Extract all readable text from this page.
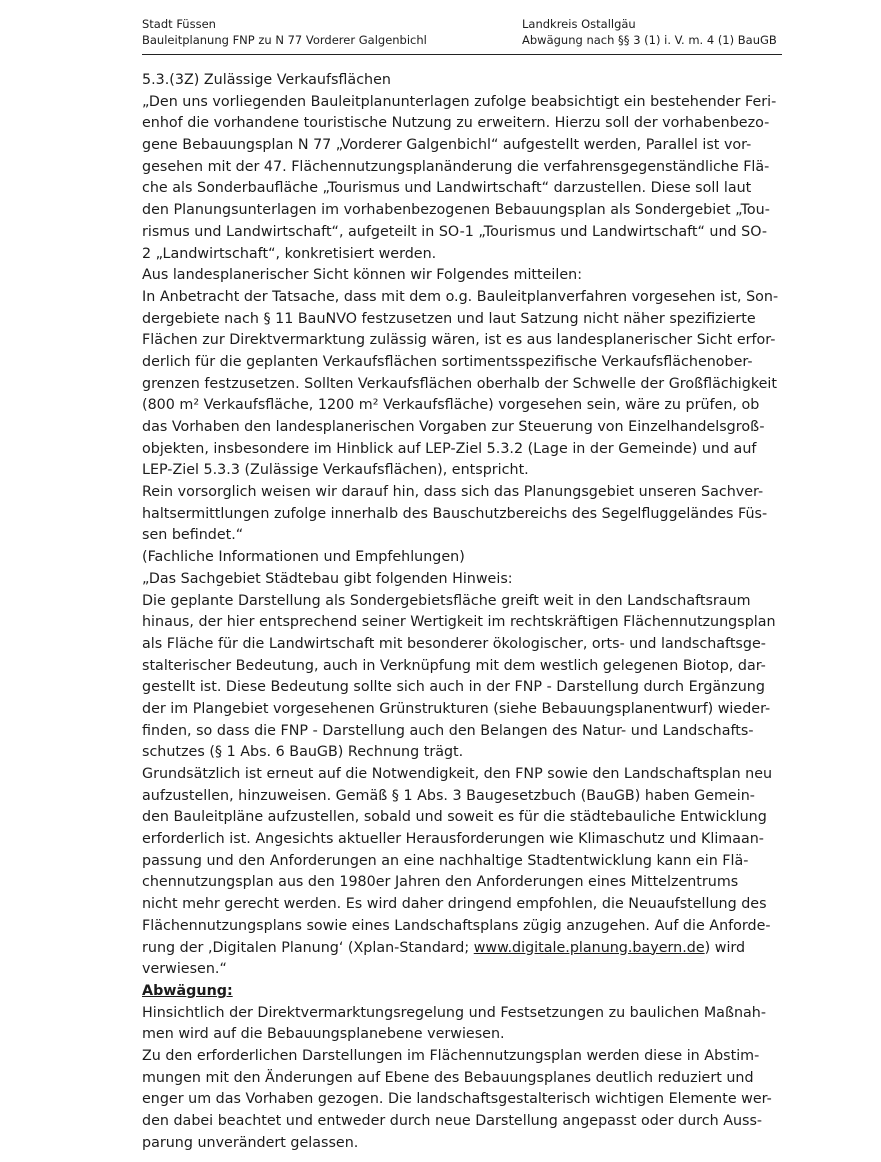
Stadt Füssen
Bauleitplanung FNP zu N 77 Vorderer Galgenbichl
Landkreis Ostallgäu
Abwägung nach §§ 3 (1) i. V. m. 4 (1) BauGB
5.3.(3Z) Zulässige Verkaufsflächen
„Den uns vorliegenden Bauleitplanunterlagen zufolge beabsichtigt ein bestehender Feri-
enhof die vorhandene touristische Nutzung zu erweitern. Hierzu soll der vorhabenbezo-
gene Bebauungsplan N 77 „Vorderer Galgenbichl“ aufgestellt werden, Parallel ist vor-
gesehen mit der 47. Flächennutzungsplanänderung die verfahrensgegenständliche Flä-
che als Sonderbaufläche „Tourismus und Landwirtschaft“ darzustellen. Diese soll laut
den Planungsunterlagen im vorhabenbezogenen Bebauungsplan als Sondergebiet „Tou-
rismus und Landwirtschaft“, aufgeteilt in SO-1 „Tourismus und Landwirtschaft“ und SO-
2 „Landwirtschaft“, konkretisiert werden.
Aus landesplanerischer Sicht können wir Folgendes mitteilen:
In Anbetracht der Tatsache, dass mit dem o.g. Bauleitplanverfahren vorgesehen ist, Son-
dergebiete nach § 11 BauNVO festzusetzen und laut Satzung nicht näher spezifizierte
Flächen zur Direktvermarktung zulässig wären, ist es aus landesplanerischer Sicht erfor-
derlich für die geplanten Verkaufsflächen sortimentsspezifische Verkaufsflächenober-
grenzen festzusetzen. Sollten Verkaufsflächen oberhalb der Schwelle der Großflächigkeit
(800 m² Verkaufsfläche, 1200 m² Verkaufsfläche) vorgesehen sein, wäre zu prüfen, ob
das Vorhaben den landesplanerischen Vorgaben zur Steuerung von Einzelhandelsgroß-
objekten, insbesondere im Hinblick auf LEP-Ziel 5.3.2 (Lage in der Gemeinde) und auf
LEP-Ziel 5.3.3 (Zulässige Verkaufsflächen), entspricht.
Rein vorsorglich weisen wir darauf hin, dass sich das Planungsgebiet unseren Sachver-
haltsermittlungen zufolge innerhalb des Bauschutzbereichs des Segelfluggeländes Füs-
sen befindet.“
(Fachliche Informationen und Empfehlungen)
„Das Sachgebiet Städtebau gibt folgenden Hinweis:
Die geplante Darstellung als Sondergebietsfläche greift weit in den Landschaftsraum
hinaus, der hier entsprechend seiner Wertigkeit im rechtskräftigen Flächennutzungsplan
als Fläche für die Landwirtschaft mit besonderer ökologischer, orts- und landschaftsge-
stalterischer Bedeutung, auch in Verknüpfung mit dem westlich gelegenen Biotop, dar-
gestellt ist. Diese Bedeutung sollte sich auch in der FNP - Darstellung durch Ergänzung
der im Plangebiet vorgesehenen Grünstrukturen (siehe Bebauungsplanentwurf) wieder-
finden, so dass die FNP - Darstellung auch den Belangen des Natur- und Landschafts-
schutzes (§ 1 Abs. 6 BauGB) Rechnung trägt.
Grundsätzlich ist erneut auf die Notwendigkeit, den FNP sowie den Landschaftsplan neu
aufzustellen, hinzuweisen. Gemäß § 1 Abs. 3 Baugesetzbuch (BauGB) haben Gemein-
den Bauleitpläne aufzustellen, sobald und soweit es für die städtebauliche Entwicklung
erforderlich ist. Angesichts aktueller Herausforderungen wie Klimaschutz und Klimaan-
passung und den Anforderungen an eine nachhaltige Stadtentwicklung kann ein Flä-
chennutzungsplan aus den 1980er Jahren den Anforderungen eines Mittelzentrums
nicht mehr gerecht werden. Es wird daher dringend empfohlen, die Neuaufstellung des
Flächennutzungsplans sowie eines Landschaftsplans zügig anzugehen. Auf die Anforde-
rung der ‚Digitalen Planung‘ (Xplan-Standard; www.digitale.planung.bayern.de) wird
verwiesen.“
Abwägung:
Hinsichtlich der Direktvermarktungsregelung und Festsetzungen zu baulichen Maßnah-
men wird auf die Bebauungsplanebene verwiesen.
Zu den erforderlichen Darstellungen im Flächennutzungsplan werden diese in Abstim-
mungen mit den Änderungen auf Ebene des Bebauungsplanes deutlich reduziert und
enger um das Vorhaben gezogen. Die landschaftsgestalterisch wichtigen Elemente wer-
den dabei beachtet und entweder durch neue Darstellung angepasst oder durch Auss-
parung unverändert gelassen.
